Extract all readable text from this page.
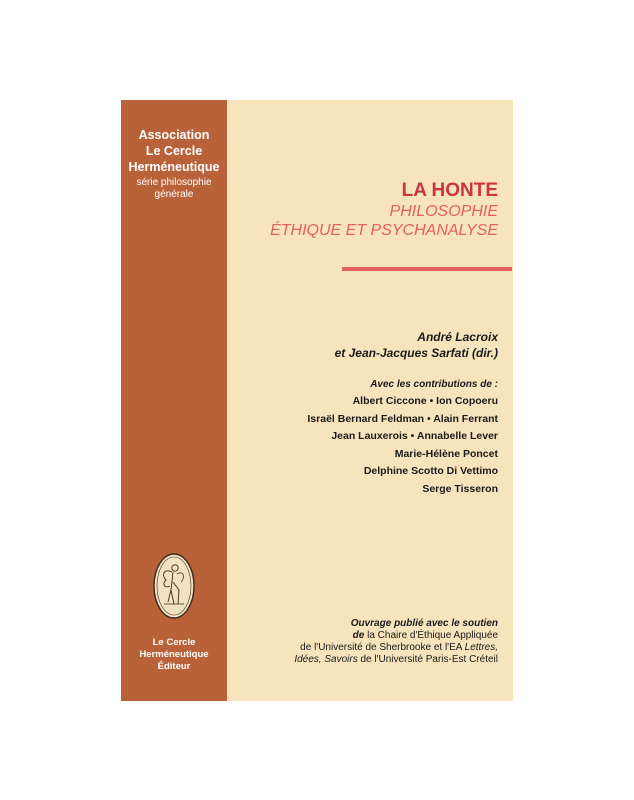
Association
Le Cercle
Herméneutique
série philosophie
générale
Le Cercle
Herméneutique
Éditeur
LA HONTE
PHILOSOPHIE
ÉTHIQUE ET PSYCHANALYSE
André Lacroix
et Jean-Jacques Sarfati (dir.)
Avec les contributions de :
Albert Ciccone • Ion Copoeru
Israël Bernard Feldman • Alain Ferrant
Jean Lauxerois • Annabelle Lever
Marie-Hélène Poncet
Delphine Scotto Di Vettimo
Serge Tisseron
Ouvrage publié avec le soutien
de la Chaire d'Éthique Appliquée
de l'Université de Sherbrooke et l'EA Lettres,
Idées, Savoirs de l'Université Paris-Est Créteil
